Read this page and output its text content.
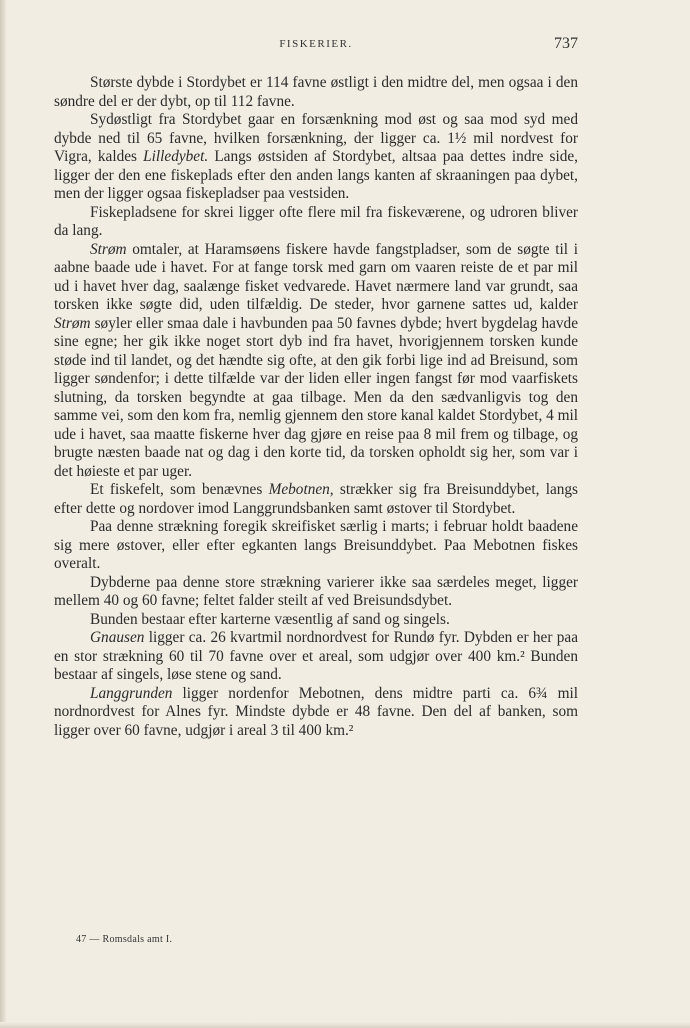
FISKERIER.	737

Største dybde i Stordybet er 114 favne østligt i den midtre del, men ogsaa i den søndre del er der dybt, op til 112 favne.

Sydøstligt fra Stordybet gaar en forsænkning mod øst og saa mod syd med dybde ned til 65 favne, hvilken forsænkning, der ligger ca. 1½ mil nordvest for Vigra, kaldes Lilledybet. Langs østsiden af Stordybet, altsaa paa dettes indre side, ligger der den ene fiskeplads efter den anden langs kanten af skraaningen paa dybet, men der ligger ogsaa fiskepladser paa vestsiden.

Fiskepladsene for skrei ligger ofte flere mil fra fiskeværene, og udroren bliver da lang.

Strøm omtaler, at Haramsøens fiskere havde fangstpladser, som de søgte til i aabne baade ude i havet. For at fange torsk med garn om vaaren reiste de et par mil ud i havet hver dag, saalænge fisket vedvarede. Havet nærmere land var grundt, saa torsken ikke søgte did, uden tilfældig. De steder, hvor garnene sattes ud, kalder Strøm søyler eller smaa dale i havbunden paa 50 favnes dybde; hvert bygdelag havde sine egne; her gik ikke noget stort dyb ind fra havet, hvorigjennem torsken kunde støde ind til landet, og det hændte sig ofte, at den gik forbi lige ind ad Breisund, som ligger søndenfor; i dette tilfælde var der liden eller ingen fangst før mod vaarfiskets slutning, da torsken begyndte at gaa tilbage. Men da den sædvanligvis tog den samme vei, som den kom fra, nemlig gjennem den store kanal kaldet Stordybet, 4 mil ude i havet, saa maatte fiskerne hver dag gjøre en reise paa 8 mil frem og tilbage, og brugte næsten baade nat og dag i den korte tid, da torsken opholdt sig her, som var i det høieste et par uger.

Et fiskefelt, som benævnes Mebotnen, strækker sig fra Breisunddybet, langs efter dette og nordover imod Langgrundsbanken samt østover til Stordybet.

Paa denne strækning foregik skreifisket særlig i marts; i februar holdt baadene sig mere østover, eller efter egkanten langs Breisunddybet. Paa Mebotnen fiskes overalt.

Dybderne paa denne store strækning varierer ikke saa særdeles meget, ligger mellem 40 og 60 favne; feltet falder steilt af ved Breisundsdybet.

Bunden bestaar efter karterne væsentlig af sand og singels.

Gnausen ligger ca. 26 kvartmil nordnordvest for Rundø fyr. Dybden er her paa en stor strækning 60 til 70 favne over et areal, som udgjør over 400 km.² Bunden bestaar af singels, løse stene og sand.

Langgrunden ligger nordenfor Mebotnen, dens midtre parti ca. 6¾ mil nordnordvest for Alnes fyr. Mindste dybde er 48 favne. Den del af banken, som ligger over 60 favne, udgjør i areal 3 til 400 km.²

47 — Romsdals amt I.
